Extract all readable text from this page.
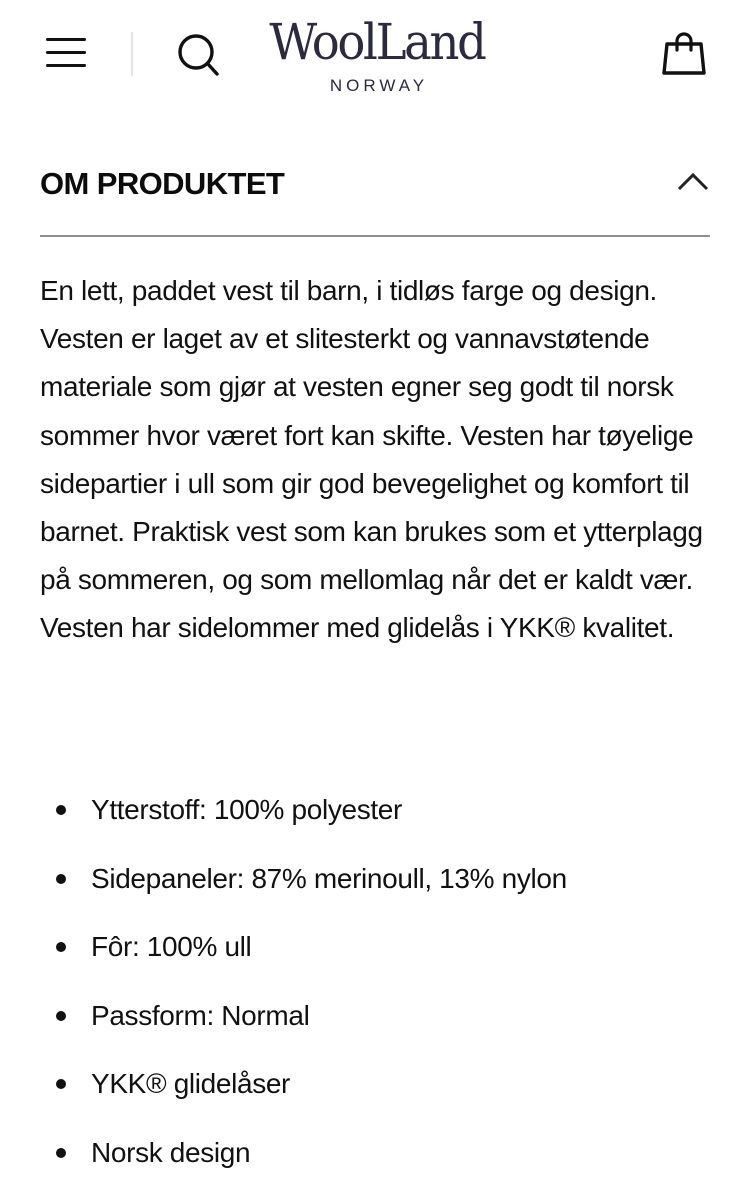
WoolLand
NORWAY
OM PRODUKTET

En lett, paddet vest til barn, i tidløs farge og design. Vesten er laget av et slitesterkt og vannavstøtende materiale som gjør at vesten egner seg godt til norsk sommer hvor været fort kan skifte. Vesten har tøyelige sidepartier i ull som gir god bevegelighet og komfort til barnet. Praktisk vest som kan brukes som et ytterplagg på sommeren, og som mellomlag når det er kaldt vær. Vesten har sidelommer med glidelås i YKK® kvalitet.

Ytterstoff: 100% polyester
Sidepaneler: 87% merinoull, 13% nylon
Fôr: 100% ull
Passform: Normal
YKK® glidelåser
Norsk design
